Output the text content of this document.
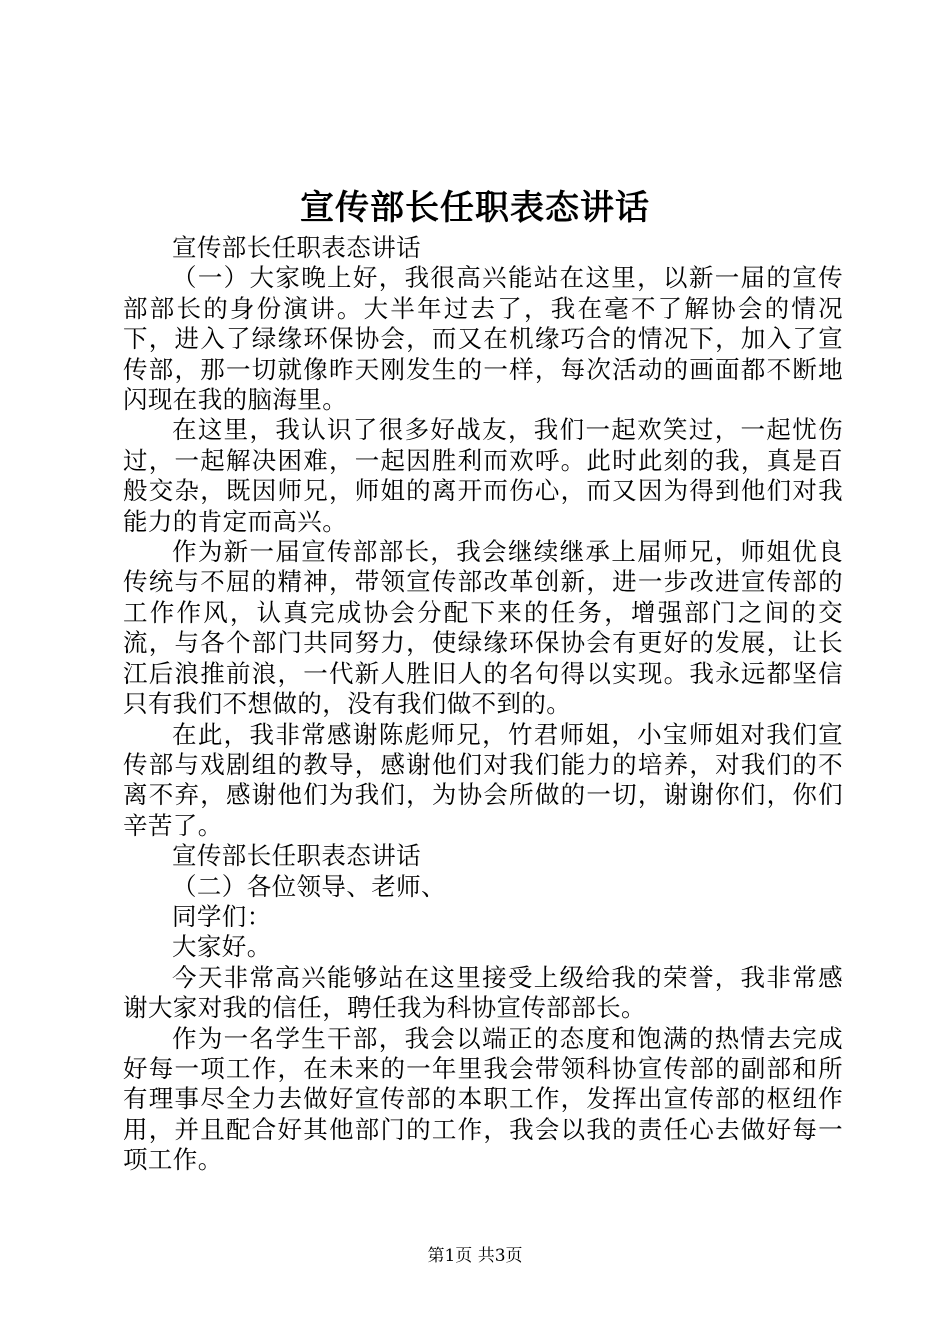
宣传部长任职表态讲话

宣传部长任职表态讲话

（一）大家晚上好，我很高兴能站在这里，以新一届的宣传部部长的身份演讲。大半年过去了，我在毫不了解协会的情况下，进入了绿缘环保协会，而又在机缘巧合的情况下，加入了宣传部，那一切就像昨天刚发生的一样，每次活动的画面都不断地闪现在我的脑海里。

在这里，我认识了很多好战友，我们一起欢笑过，一起忧伤过，一起解决困难，一起因胜利而欢呼。此时此刻的我，真是百般交杂，既因师兄，师姐的离开而伤心，而又因为得到他们对我能力的肯定而高兴。

作为新一届宣传部部长，我会继续继承上届师兄，师姐优良传统与不屈的精神，带领宣传部改革创新，进一步改进宣传部的工作作风，认真完成协会分配下来的任务，增强部门之间的交流，与各个部门共同努力，使绿缘环保协会有更好的发展，让长江后浪推前浪，一代新人胜旧人的名句得以实现。我永远都坚信只有我们不想做的，没有我们做不到的。

在此，我非常感谢陈彪师兄，竹君师姐，小宝师姐对我们宣传部与戏剧组的教导，感谢他们对我们能力的培养，对我们的不离不弃，感谢他们为我们，为协会所做的一切，谢谢你们，你们辛苦了。

宣传部长任职表态讲话

（二）各位领导、老师、

同学们：

大家好。

今天非常高兴能够站在这里接受上级给我的荣誉，我非常感谢大家对我的信任，聘任我为科协宣传部部长。

作为一名学生干部，我会以端正的态度和饱满的热情去完成好每一项工作，在未来的一年里我会带领科协宣传部的副部和所有理事尽全力去做好宣传部的本职工作，发挥出宣传部的枢纽作用，并且配合好其他部门的工作，我会以我的责任心去做好每一项工作。

第1页 共3页
